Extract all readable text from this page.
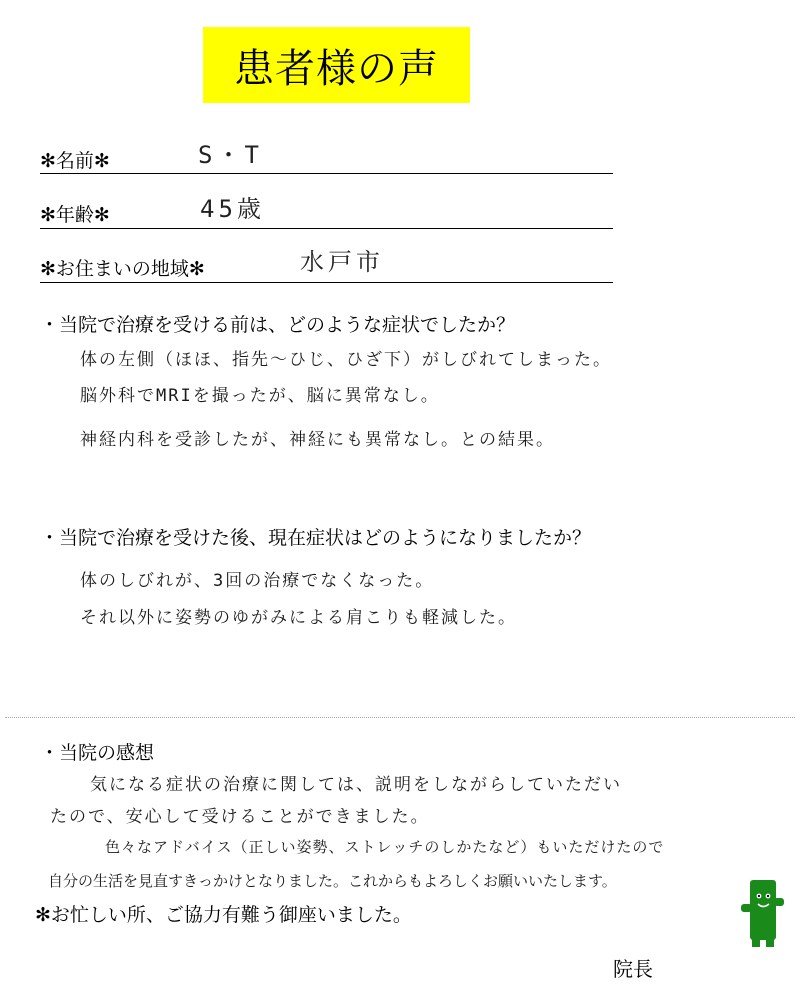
患者様の声
✻名前✻	S・T
✻年齢✻	45歳
✻お住まいの地域✻	水戸市
・当院で治療を受ける前は、どのような症状でしたか？
体の左側（ほほ、指先〜ひじ、ひざ下）がしびれてしまった。
脳外科でMRIを撮ったが、脳に異常なし。
神経内科を受診したが、神経にも異常なし。との結果。
・当院で治療を受けた後、現在症状はどのようになりましたか？
体のしびれが、3回の治療でなくなった。
それ以外に姿勢のゆがみによる肩こりも軽減した。
・当院の感想
気になる症状の治療に関しては、説明をしながらしていただい
たので、安心して受けることができました。
色々なアドバイス（正しい姿勢、ストレッチのしかたなど）もいただけたので
自分の生活を見直すきっかけとなりました。これからもよろしくお願いいたします。
✻お忙しい所、ご協力有難う御座いました。
院長
